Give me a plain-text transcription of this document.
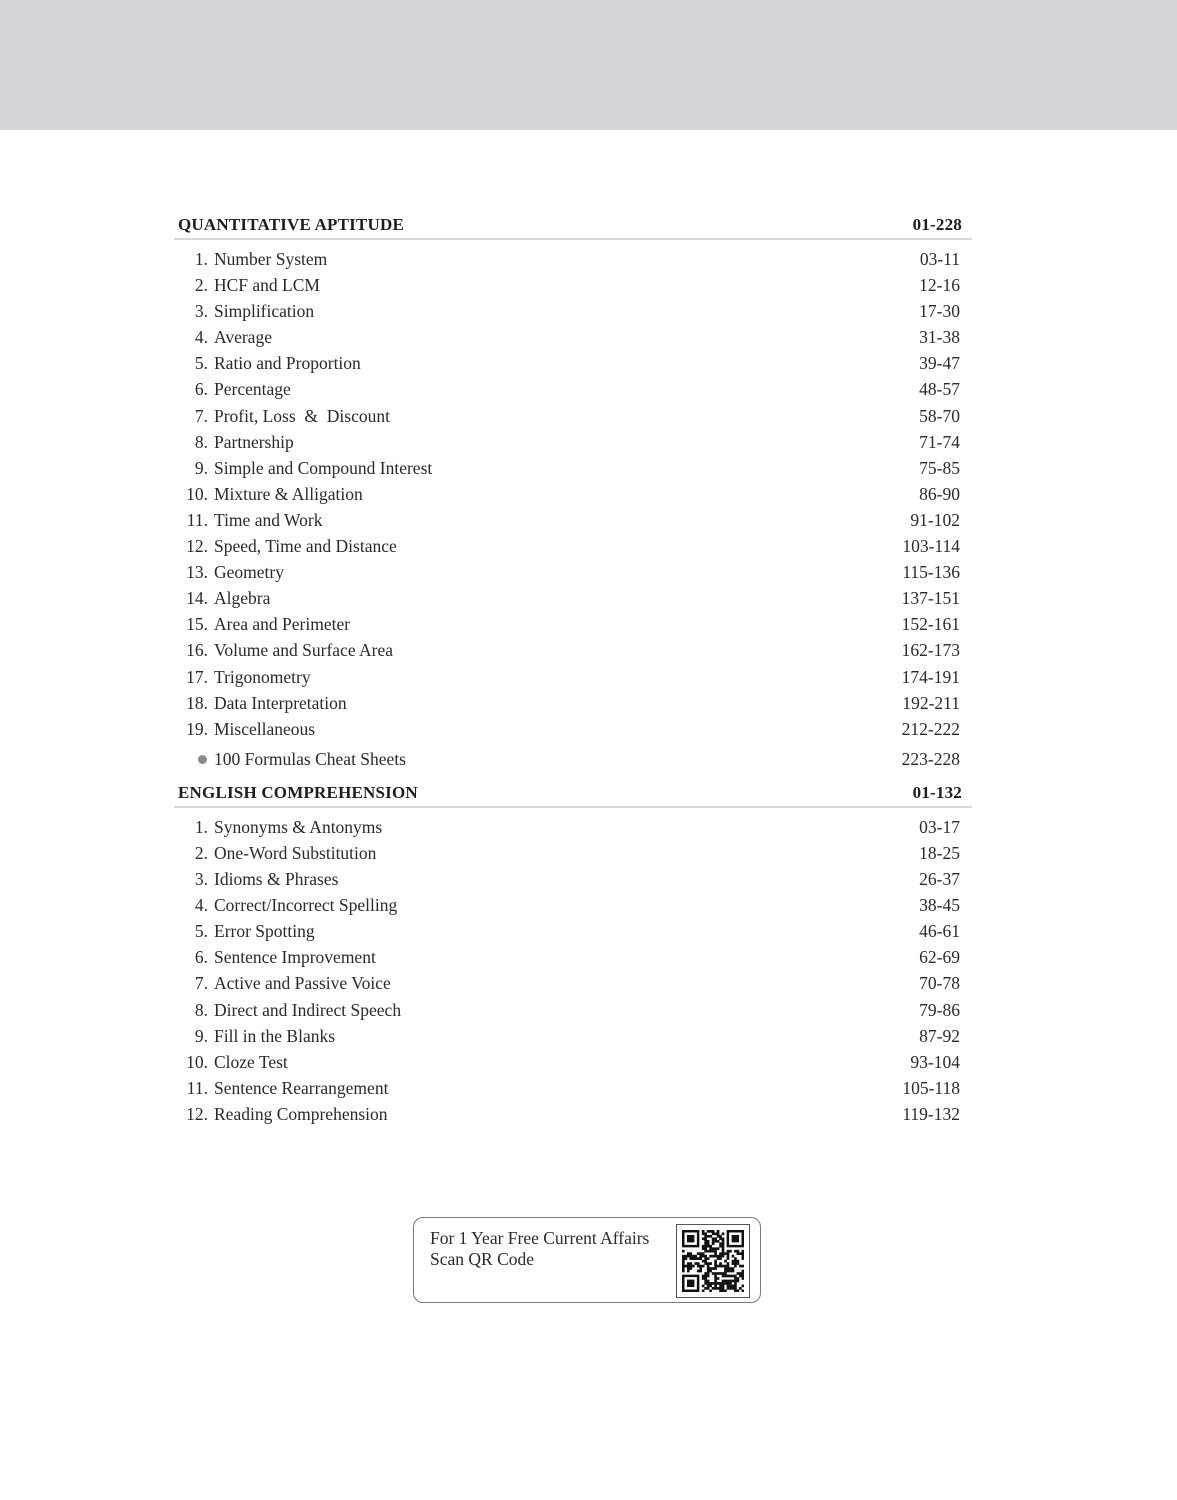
QUANTITATIVE APTITUDE	01-228
1. Number System	03-11
2. HCF and LCM	12-16
3. Simplification	17-30
4. Average	31-38
5. Ratio and Proportion	39-47
6. Percentage	48-57
7. Profit, Loss  &  Discount	58-70
8. Partnership	71-74
9. Simple and Compound Interest	75-85
10. Mixture & Alligation	86-90
11. Time and Work	91-102
12. Speed, Time and Distance	103-114
13. Geometry	115-136
14. Algebra	137-151
15. Area and Perimeter	152-161
16. Volume and Surface Area	162-173
17. Trigonometry	174-191
18. Data Interpretation	192-211
19. Miscellaneous	212-222
100 Formulas Cheat Sheets	223-228
ENGLISH COMPREHENSION	01-132
1. Synonyms & Antonyms	03-17
2. One-Word Substitution	18-25
3. Idioms & Phrases	26-37
4. Correct/Incorrect Spelling	38-45
5. Error Spotting	46-61
6. Sentence Improvement	62-69
7. Active and Passive Voice	70-78
8. Direct and Indirect Speech	79-86
9. Fill in the Blanks	87-92
10. Cloze Test	93-104
11. Sentence Rearrangement	105-118
12. Reading Comprehension	119-132
For 1 Year Free Current Affairs
Scan QR Code
